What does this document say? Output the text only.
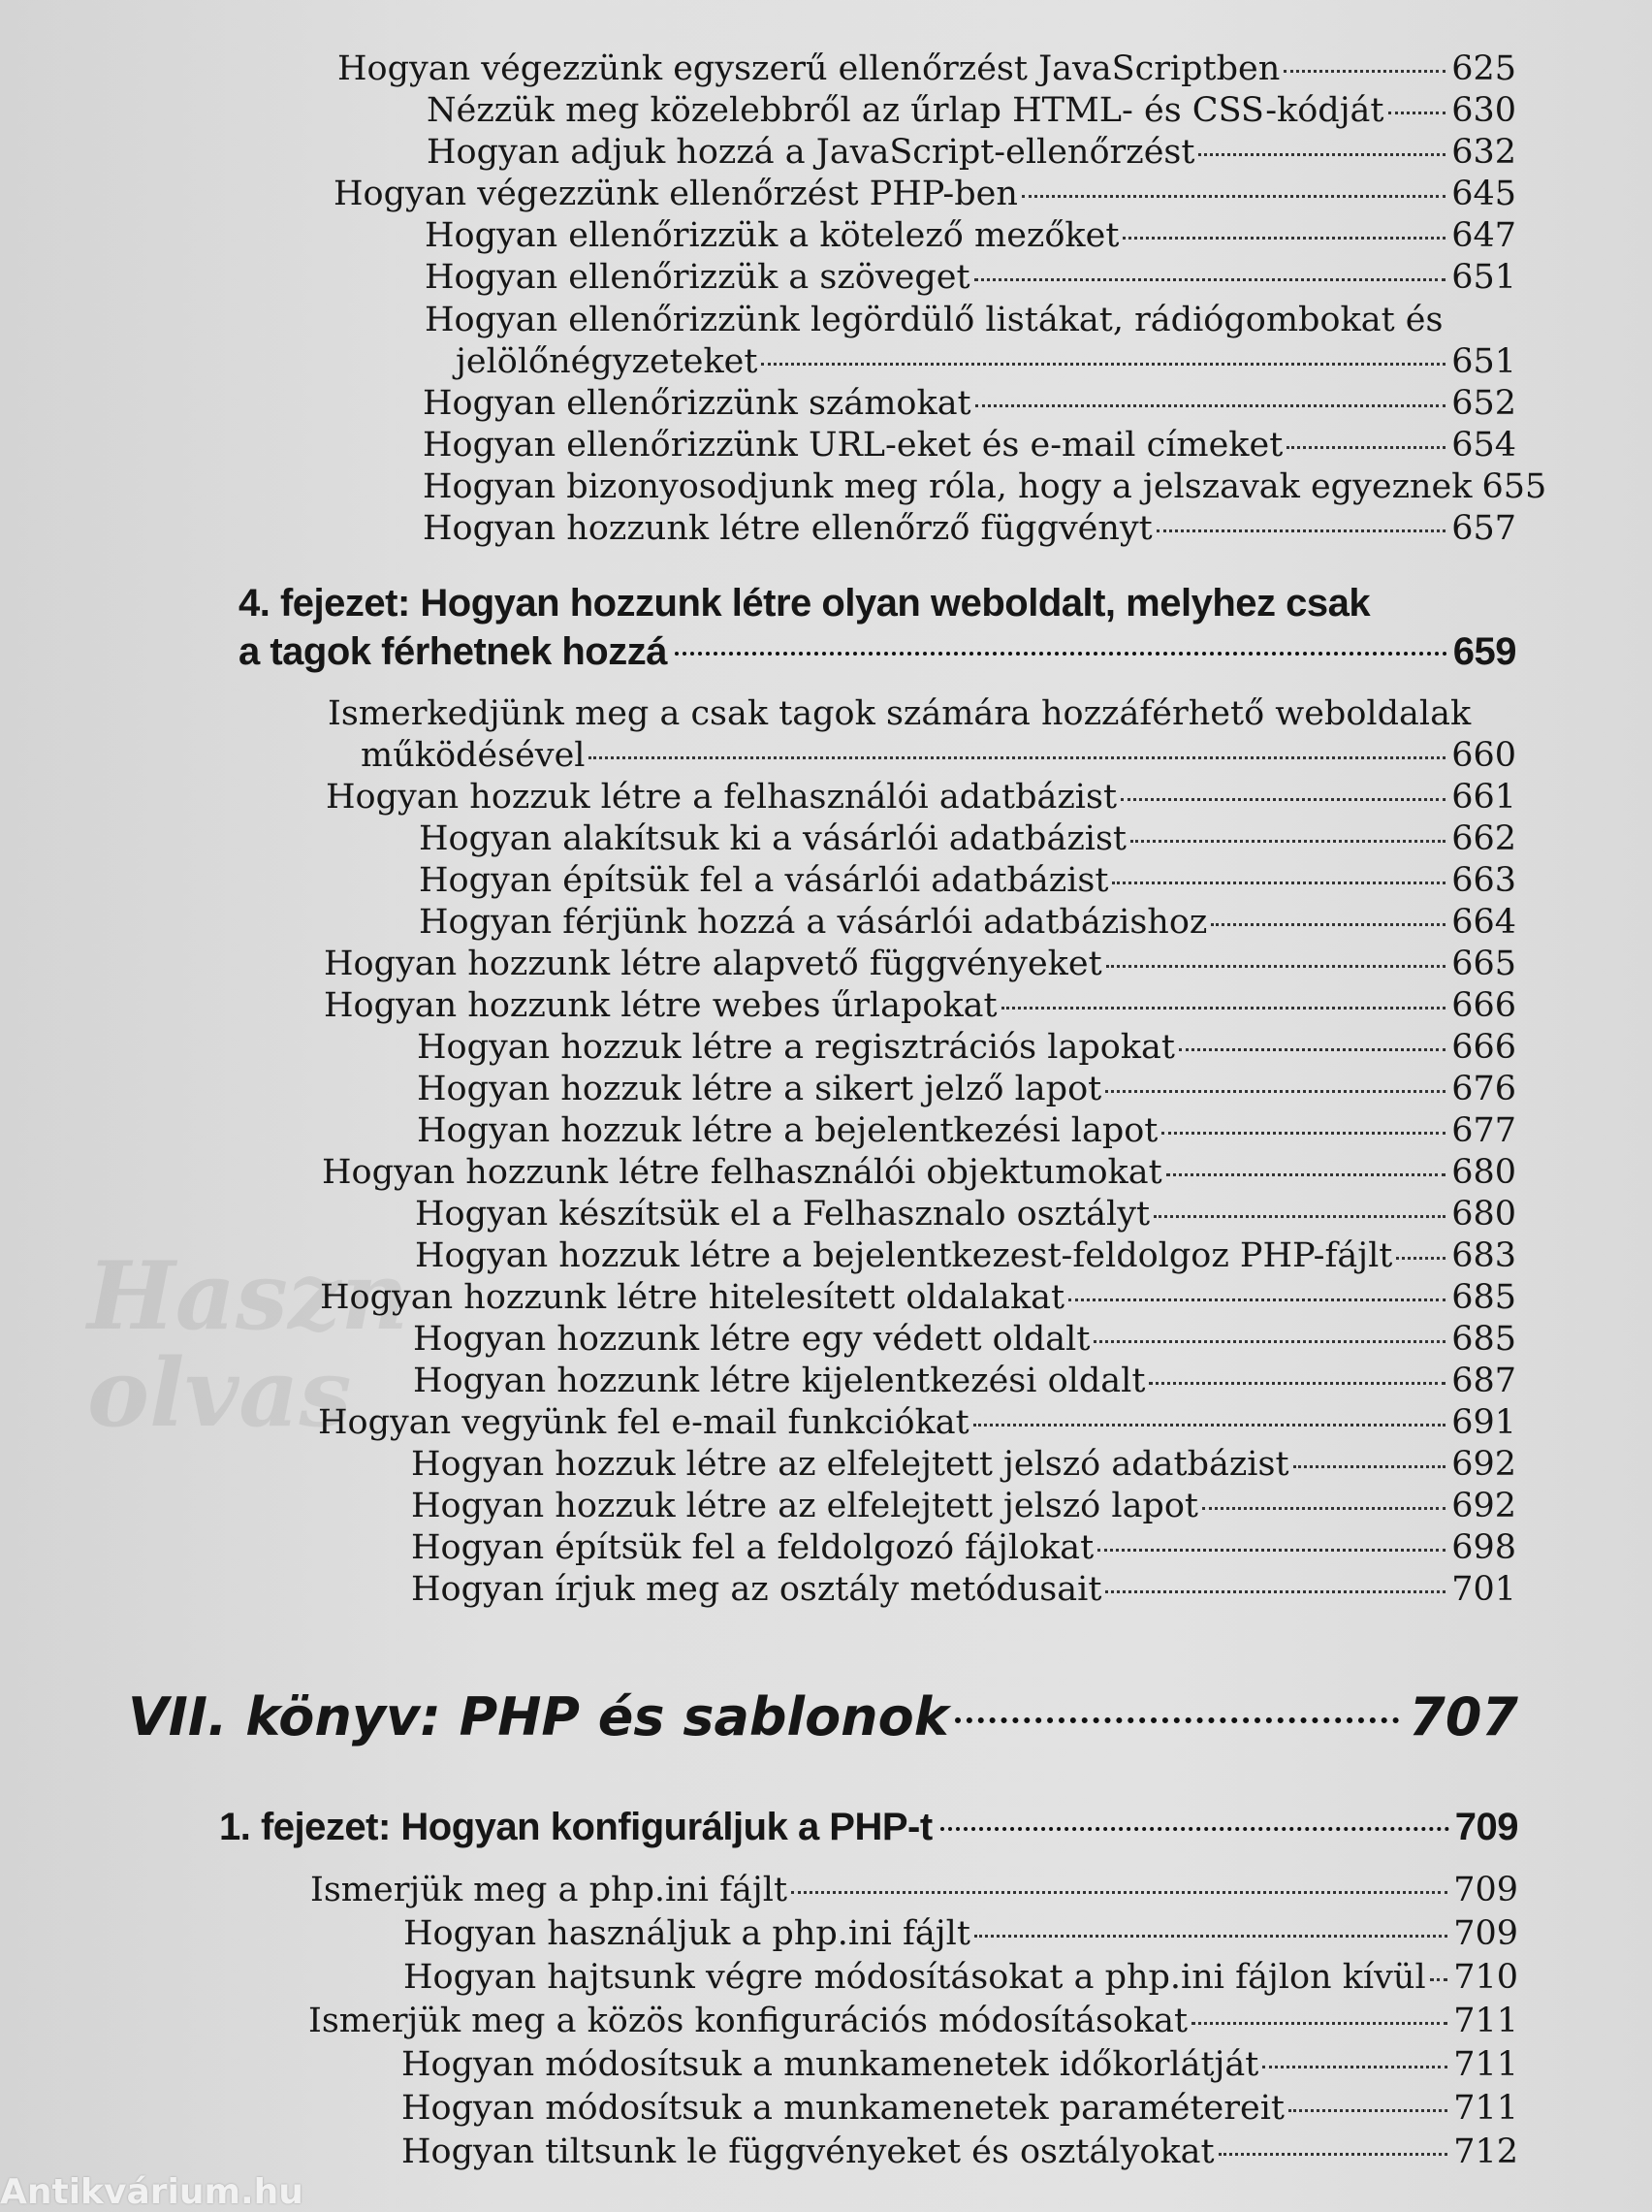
Haszn
olvas
Hogyan végezzünk egyszerű ellenőrzést JavaScriptben	625
Nézzük meg közelebbről az űrlap HTML- és CSS-kódját 630
Hogyan adjuk hozzá a JavaScript-ellenőrzést	632
Hogyan végezzünk ellenőrzést PHP-ben	645
Hogyan ellenőrizzük a kötelező mezőket	647
Hogyan ellenőrizzük a szöveget	651
Hogyan ellenőrizzünk legördülő listákat, rádiógombokat és
jelölőnégyzeteket	651
Hogyan ellenőrizzünk számokat	652
Hogyan ellenőrizzünk URL-eket és e-mail címeket	654
Hogyan bizonyosodjunk meg róla, hogy a jelszavak egyeznek 655
Hogyan hozzunk létre ellenőrző függvényt	657
4. fejezet: Hogyan hozzunk létre olyan weboldalt, melyhez csak
a tagok férhetnek hozzá	659
Ismerkedjünk meg a csak tagok számára hozzáférhető weboldalak
működésével	660
Hogyan hozzuk létre a felhasználói adatbázist	661
Hogyan alakítsuk ki a vásárlói adatbázist	662
Hogyan építsük fel a vásárlói adatbázist	663
Hogyan férjünk hozzá a vásárlói adatbázishoz	664
Hogyan hozzunk létre alapvető függvényeket	665
Hogyan hozzunk létre webes űrlapokat	666
Hogyan hozzuk létre a regisztrációs lapokat	666
Hogyan hozzuk létre a sikert jelző lapot	676
Hogyan hozzuk létre a bejelentkezési lapot	677
Hogyan hozzunk létre felhasználói objektumokat	680
Hogyan készítsük el a Felhasznalo osztályt	680
Hogyan hozzuk létre a bejelentkezest-feldolgoz PHP-fájlt 683
Hogyan hozzunk létre hitelesített oldalakat	685
Hogyan hozzunk létre egy védett oldalt	685
Hogyan hozzunk létre kijelentkezési oldalt	687
Hogyan vegyünk fel e-mail funkciókat	691
Hogyan hozzuk létre az elfelejtett jelszó adatbázist	692
Hogyan hozzuk létre az elfelejtett jelszó lapot	692
Hogyan építsük fel a feldolgozó fájlokat	698
Hogyan írjuk meg az osztály metódusait	701
VII. könyv: PHP és sablonok	707
1. fejezet: Hogyan konfiguráljuk a PHP-t	709
Ismerjük meg a php.ini fájlt	709
Hogyan használjuk a php.ini fájlt	709
Hogyan hajtsunk végre módosításokat a php.ini fájlon kívül 710
Ismerjük meg a közös konfigurációs módosításokat	711
Hogyan módosítsuk a munkamenetek időkorlátját	711
Hogyan módosítsuk a munkamenetek paramétereit	711
Hogyan tiltsunk le függvényeket és osztályokat	712
Antikvárium.hu
